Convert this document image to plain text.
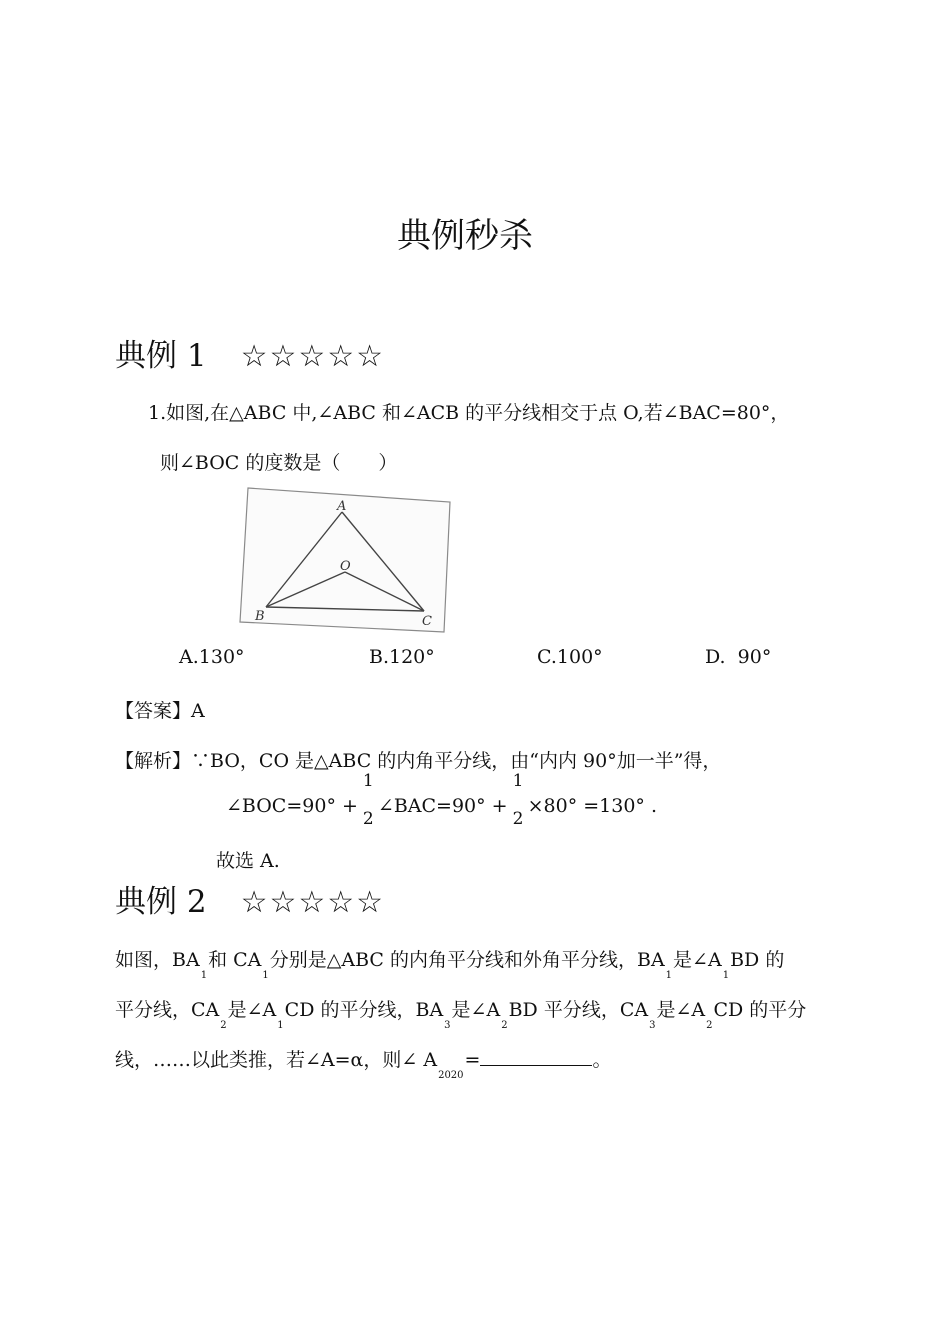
典例秒杀
典例 1 ☆☆☆☆☆
1.如图,在△ABC 中,∠ABC 和∠ACB 的平分线相交于点 O,若∠BAC=80°，
则∠BOC 的度数是（　　）
A
O
B	C
A.130°	B.120°	C.100°	D.  90°
【答案】A
【解析】∵BO，CO 是△ABC 的内角平分线，由“内内 90°加一半”得，
∠BOC=90° +
1
2
∠BAC=90° +
1
2
×80° =130° .
故选 A.
典例 2 ☆☆☆☆☆
如图，$BA_1$和 $CA_1$分别是△ABC 的内角平分线和外角平分线，$BA_1$是$\angle A_1BD$ 的
平分线，$CA_2$是$\angle A_1CD$ 的平分线，$BA_3$是$\angle A_2BD$ 平分线，$CA_3$是$\angle A_2CD$ 的平分
线，……以此类推，若∠A=α，则∠ $A_{2020}=$	。
